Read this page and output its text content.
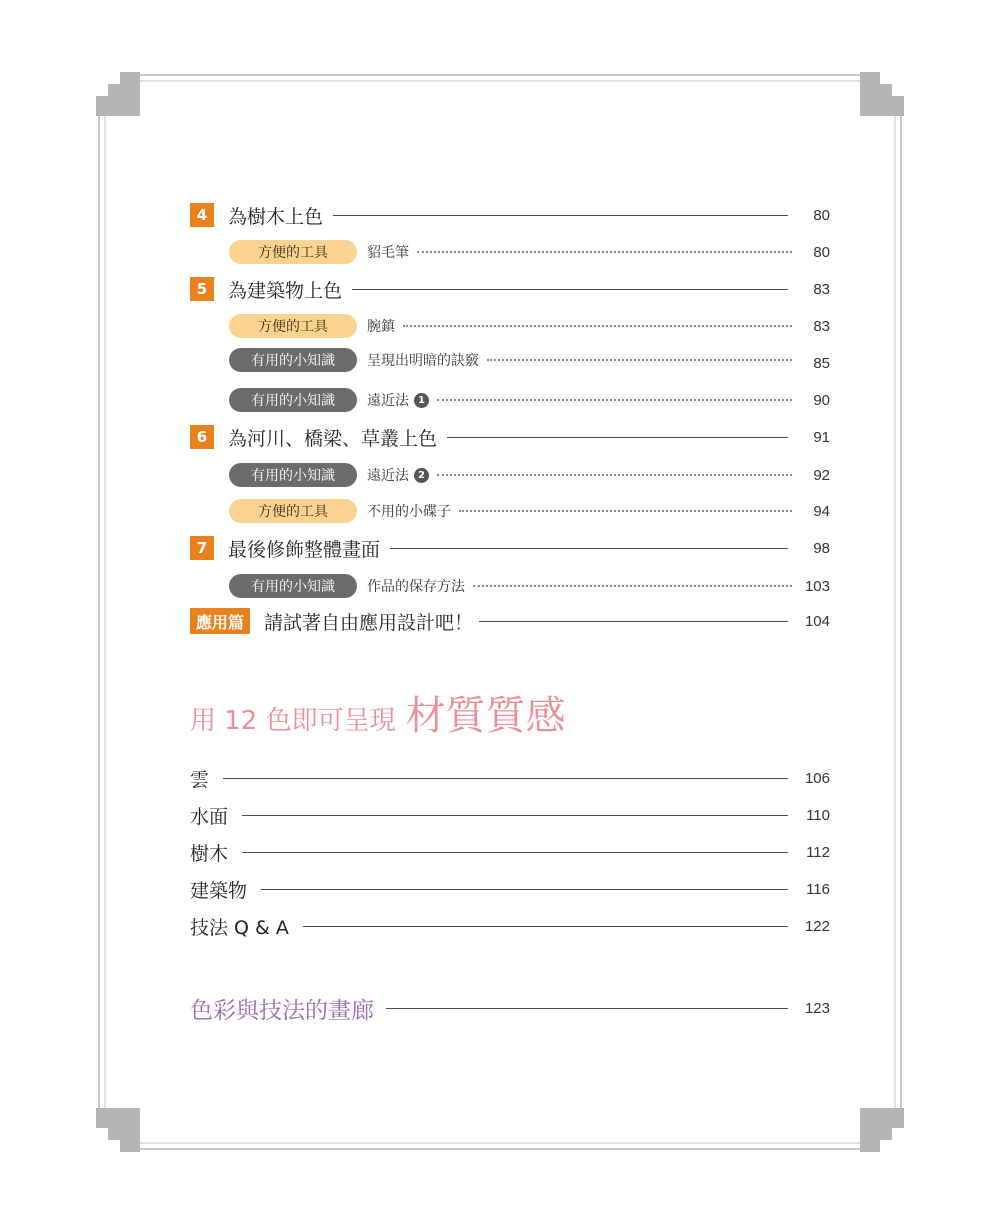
4	為樹木上色	80
方便的工具	貂毛筆	80
5	為建築物上色	83
方便的工具	腕鎮	83
有用的小知識	呈現出明暗的訣竅	85
有用的小知識	遠近法 1	90
6	為河川、橋梁、草叢上色	91
有用的小知識	遠近法 2	92
方便的工具	不用的小碟子	94
7	最後修飾整體畫面	98
有用的小知識	作品的保存方法	103
應用篇	請試著自由應用設計吧！	104
用 12 色即可呈現 材質質感
雲	106
水面	110
樹木	112
建築物	116
技法 Q & A	122
色彩與技法的畫廊	123
